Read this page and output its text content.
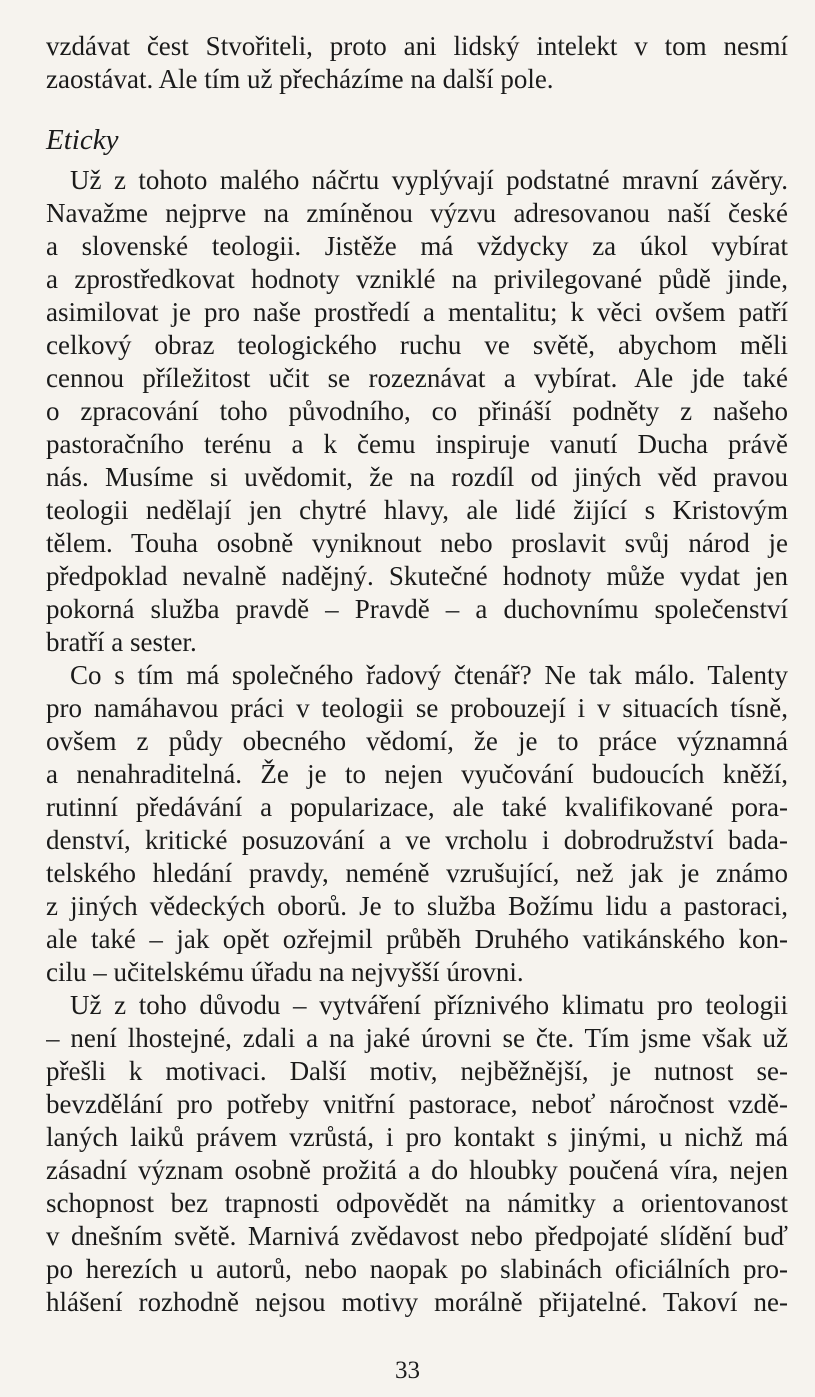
vzdávat čest Stvořiteli, proto ani lidský intelekt v tom nesmí
zaostávat. Ale tím už přecházíme na další pole.
Eticky
Už z tohoto malého náčrtu vyplývají podstatné mravní závěry.
Navažme nejprve na zmíněnou výzvu adresovanou naší české
a slovenské teologii. Jistěže má vždycky za úkol vybírat
a zprostředkovat hodnoty vzniklé na privilegované půdě jinde,
asimilovat je pro naše prostředí a mentalitu; k věci ovšem patří
celkový obraz teologického ruchu ve světě, abychom měli
cennou příležitost učit se rozeznávat a vybírat. Ale jde také
o zpracování toho původního, co přináší podněty z našeho
pastoračního terénu a k čemu inspiruje vanutí Ducha právě
nás. Musíme si uvědomit, že na rozdíl od jiných věd pravou
teologii nedělají jen chytré hlavy, ale lidé žijící s Kristovým
tělem. Touha osobně vyniknout nebo proslavit svůj národ je
předpoklad nevalně nadějný. Skutečné hodnoty může vydat jen
pokorná služba pravdě – Pravdě – a duchovnímu společenství
bratří a sester.
Co s tím má společného řadový čtenář? Ne tak málo. Talenty
pro namáhavou práci v teologii se probouzejí i v situacích tísně,
ovšem z půdy obecného vědomí, že je to práce významná
a nenahraditelná. Že je to nejen vyučování budoucích kněží,
rutinní předávání a popularizace, ale také kvalifikované pora-
denství, kritické posuzování a ve vrcholu i dobrodružství bada-
telského hledání pravdy, neméně vzrušující, než jak je známo
z jiných vědeckých oborů. Je to služba Božímu lidu a pastoraci,
ale také – jak opět ozřejmil průběh Druhého vatikánského kon-
cilu – učitelskému úřadu na nejvyšší úrovni.
Už z toho důvodu – vytváření příznivého klimatu pro teologii
– není lhostejné, zdali a na jaké úrovni se čte. Tím jsme však už
přešli k motivaci. Další motiv, nejběžnější, je nutnost se-
bevzdělání pro potřeby vnitřní pastorace, neboť náročnost vzdě-
laných laiků právem vzrůstá, i pro kontakt s jinými, u nichž má
zásadní význam osobně prožitá a do hloubky poučená víra, nejen
schopnost bez trapnosti odpovědět na námitky a orientovanost
v dnešním světě. Marnivá zvědavost nebo předpojaté slídění buď
po herezích u autorů, nebo naopak po slabinách oficiálních pro-
hlášení rozhodně nejsou motivy morálně přijatelné. Takoví ne-
33
